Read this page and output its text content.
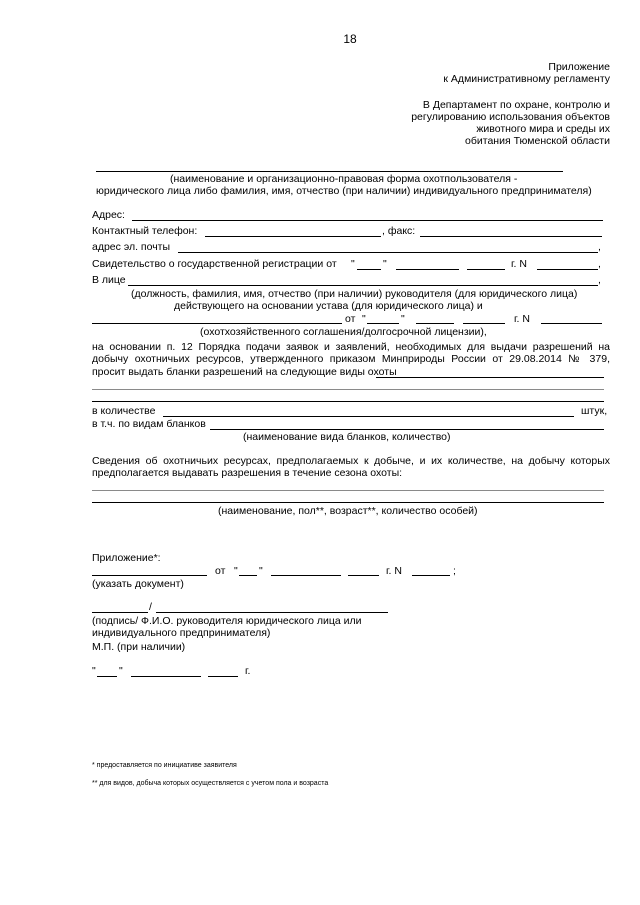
18
Приложение
к Административному регламенту
В Департамент по охране, контролю и
регулированию использования объектов
животного мира и среды их
обитания Тюменской области
(наименование и организационно-правовая форма охотпользователя -
юридического лица либо фамилия, имя, отчество (при наличии) индивидуального предпринимателя)
Адрес:
Контактный телефон:	, факс:
адрес эл. почты	,
Свидетельство о государственной регистрации от "	"	г. N	,
В лице	,
(должность, фамилия, имя, отчество (при наличии) руководителя (для юридического лица)
действующего на основании устава (для юридического лица) и
от "	"	г. N
(охотхозяйственного соглашения/долгосрочной лицензии),
на основании п. 12 Порядка подачи заявок и заявлений, необходимых для выдачи разрешений на
добычу охотничьих ресурсов, утвержденного приказом Минприроды России от 29.08.2014 № 379,
просит выдать бланки разрешений на следующие виды охоты
в количестве	штук,
в т.ч. по видам бланков
(наименование вида бланков, количество)
Сведения об охотничьих ресурсах, предполагаемых к добыче, и их количестве, на добычу которых
предполагается выдавать разрешения в течение сезона охоты:
(наименование, пол**, возраст**, количество особей)
Приложение*:
от " "	г. N	;
(указать документ)
/
(подпись/ Ф.И.О. руководителя юридического лица или
индивидуального предпринимателя)
М.П. (при наличии)
" "	г.
* предоставляется по инициативе заявителя
** для видов, добыча которых осуществляется с учетом пола и возраста
